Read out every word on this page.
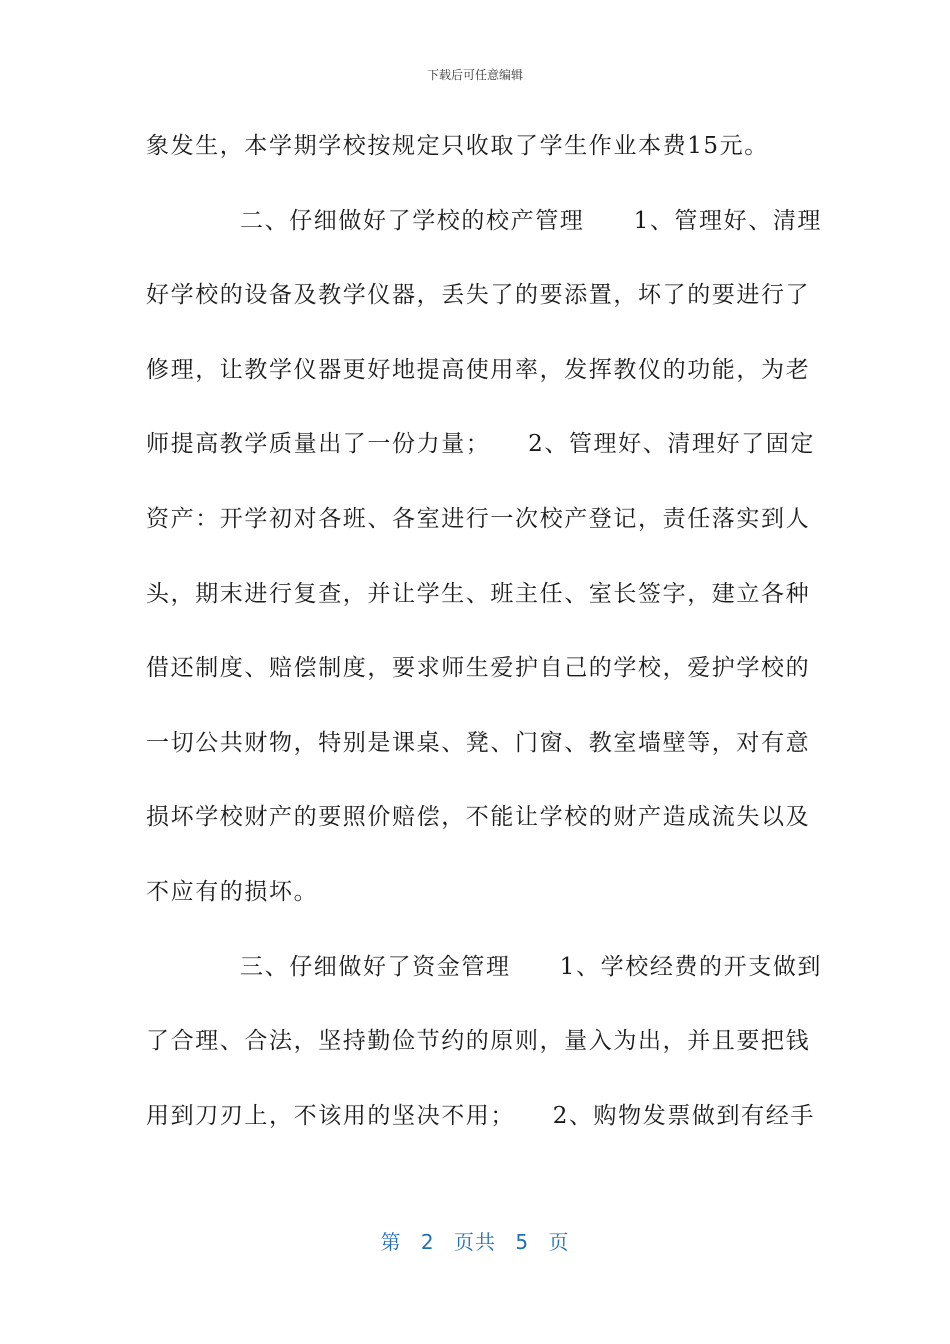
下载后可任意编辑
象发生，本学期学校按规定只收取了学生作业本费15元。
二、仔细做好了学校的校产管理　　1、管理好、清理
好学校的设备及教学仪器，丢失了的要添置，坏了的要进行了
修理，让教学仪器更好地提高使用率，发挥教仪的功能，为老
师提高教学质量出了一份力量；　　2、管理好、清理好了固定
资产：开学初对各班、各室进行一次校产登记，责任落实到人
头，期末进行复查，并让学生、班主任、室长签字，建立各种
借还制度、赔偿制度，要求师生爱护自己的学校，爱护学校的
一切公共财物，特别是课桌、凳、门窗、教室墙壁等，对有意
损坏学校财产的要照价赔偿，不能让学校的财产造成流失以及
不应有的损坏。
三、仔细做好了资金管理　　1、学校经费的开支做到
了合理、合法，坚持勤俭节约的原则，量入为出，并且要把钱
用到刀刃上，不该用的坚决不用；　　2、购物发票做到有经手
第 2 页共 5 页
